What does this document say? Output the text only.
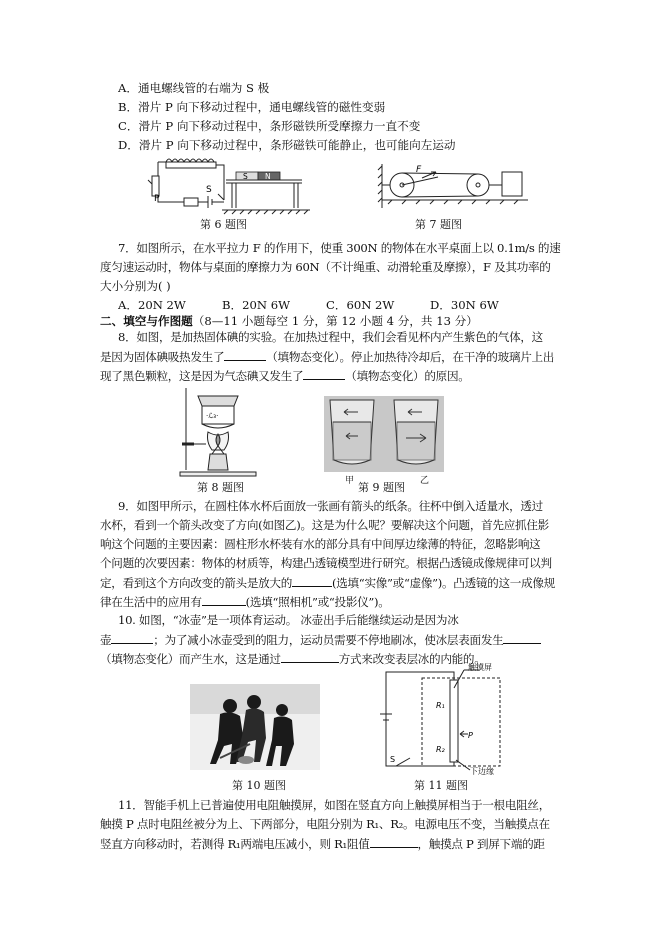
A．通电螺线管的右端为 S 极
B．滑片 P 向下移动过程中，通电螺线管的磁性变弱
C．滑片 P 向下移动过程中，条形磁铁所受摩擦力一直不变
D．滑片 P 向下移动过程中，条形磁铁可能静止，也可能向左运动
P
S
S N
第 6 题图
F
第 7 题图
7．如图所示，在水平拉力 F 的作用下，使重 300N 的物体在水平桌面上以 0.1m/s 的速
度匀速运动时，物体与桌面的摩擦力为 60N（不计绳重、动滑轮重及摩擦），F 及其功率的
大小分别为( )
A．20N 2W	B．20N 6W	C．60N 2W	D．30N 6W
二、填空与作图题（8—11 小题每空 1 分，第 12 小题 4 分，共 13 分）
8．如图，是加热固体碘的实验。在加热过程中，我们会看见杯内产生紫色的气体，这
是因为固体碘吸热发生了	（填物态变化）。停止加热待冷却后，在干净的玻璃片上出
现了黑色颗粒，这是因为气态碘又发生了	（填物态变化）的原因。
·ℒ₃·
第 8 题图	甲 第 9 题图 乙
9．如图甲所示，在圆柱体水杯后面放一张画有箭头的纸条。往杯中倒入适量水，透过
水杯，看到一个箭头改变了方向(如图乙)。这是为什么呢？要解决这个问题，首先应抓住影
响这个问题的主要因素：圆柱形水杯装有水的部分具有中间厚边缘薄的特征，忽略影响这
个问题的次要因素：物体的材质等，构建凸透镜模型进行研究。根据凸透镜成像规律可以判
定，看到这个方向改变的箭头是放大的	(选填“实像”或“虚像”)。凸透镜的这一成像规
律在生活中的应用有	(选填“照相机”或“投影仪”)。
10. 如图，“冰壶”是一项体育运动。 冰壶出手后能继续运动是因为冰
壶	；为了减小冰壶受到的阻力，运动员需要不停地刷冰，使冰层表面发生
（填物态变化）而产生水，这是通过	方式来改变表层冰的内能的。
第 10 题图
触摸屏
R₁
R₂
P
下边缘
S
第 11 题图
11．智能手机上已普遍使用电阻触摸屏，如图在竖直方向上触摸屏相当于一根电阻丝，
触摸 P 点时电阻丝被分为上、下两部分，电阻分别为 R₁、R₂。电源电压不变，当触摸点在
竖直方向移动时，若测得 R₁两端电压减小，则 R₁阻值	，触摸点 P 到屏下端的距
